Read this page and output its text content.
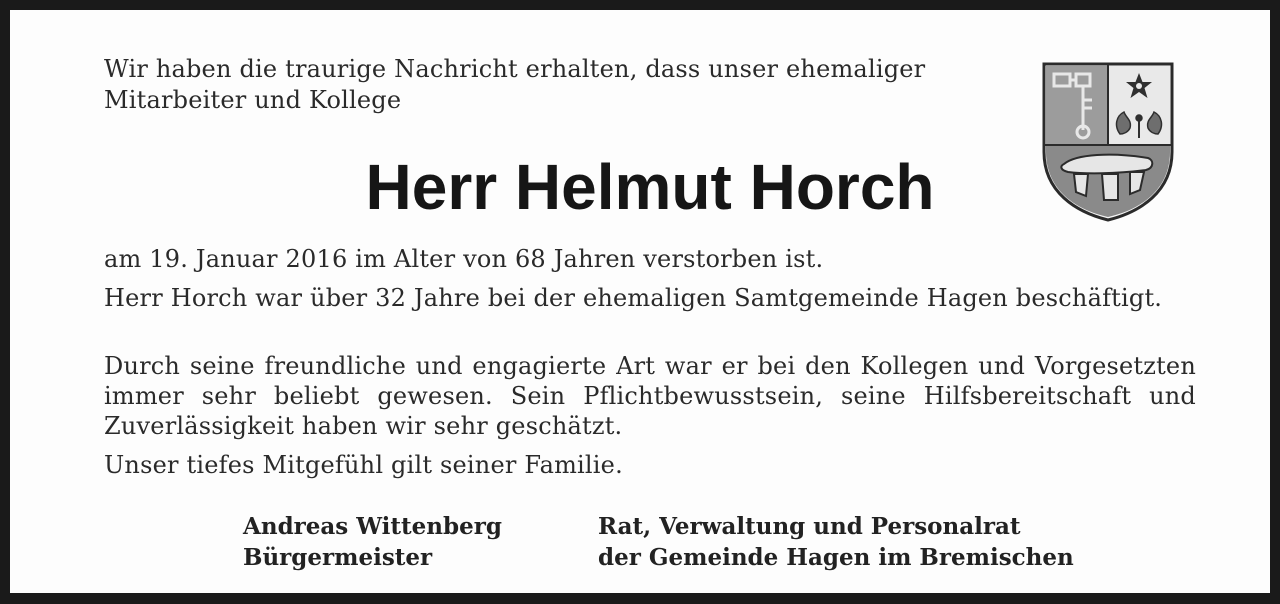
Wir haben die traurige Nachricht erhalten, dass unser ehemaliger Mitarbeiter und Kollege

Herr Helmut Horch

am 19. Januar 2016 im Alter von 68 Jahren verstorben ist.

Herr Horch war über 32 Jahre bei der ehemaligen Samtgemeinde Hagen beschäftigt.

Durch seine freundliche und engagierte Art war er bei den Kollegen und Vorgesetzten immer sehr beliebt gewesen. Sein Pflichtbewusstsein, seine Hilfsbereitschaft und Zuverlässigkeit haben wir sehr geschätzt.

Unser tiefes Mitgefühl gilt seiner Familie.

Andreas Wittenberg
Bürgermeister
Rat, Verwaltung und Personalrat
der Gemeinde Hagen im Bremischen
